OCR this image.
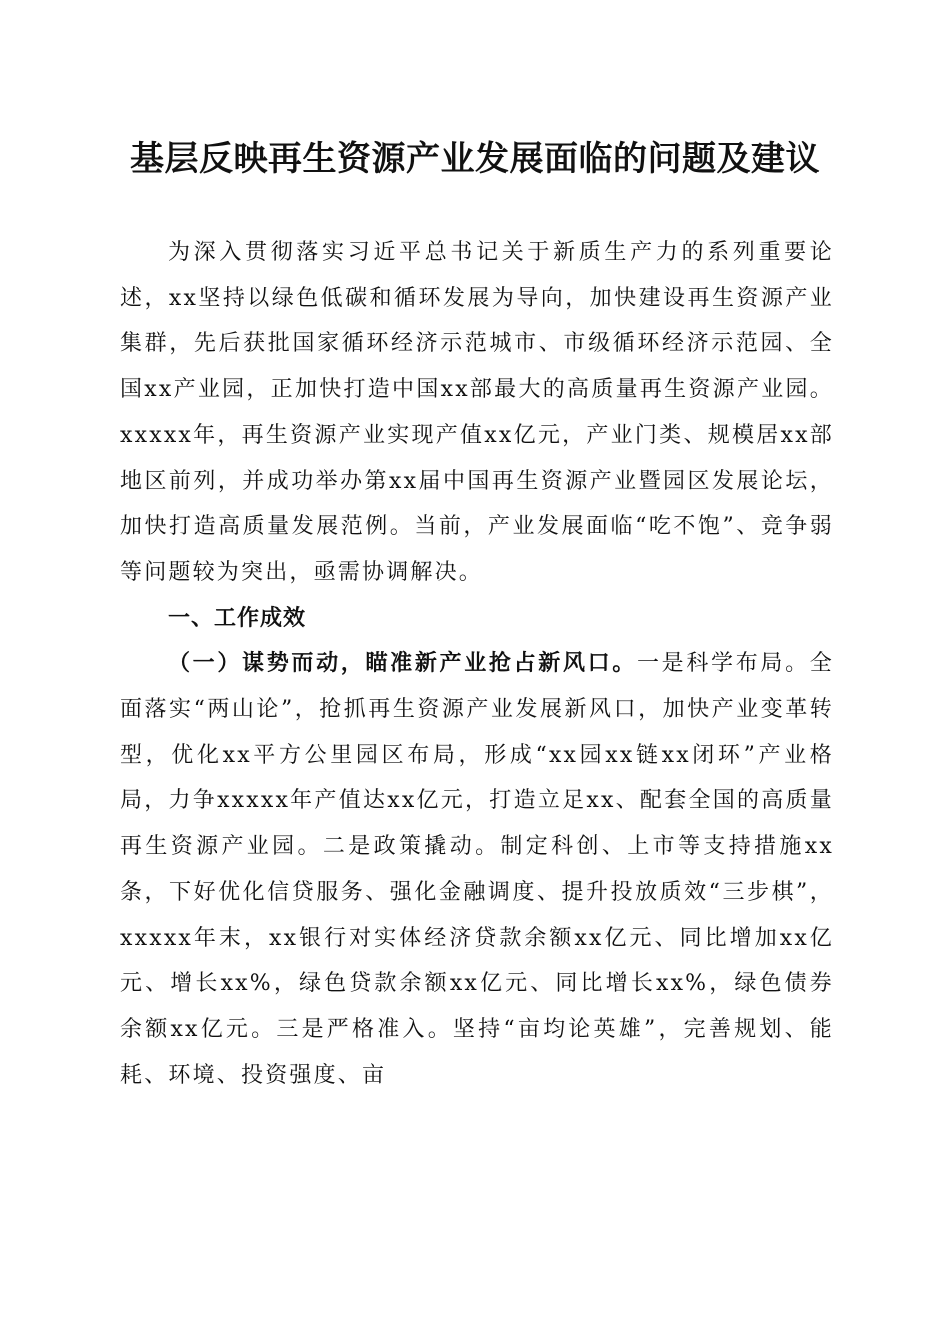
基层反映再生资源产业发展面临的问题及建议

为深入贯彻落实习近平总书记关于新质生产力的系列重要论述，xx坚持以绿色低碳和循环发展为导向，加快建设再生资源产业集群，先后获批国家循环经济示范城市、市级循环经济示范园、全国xx产业园，正加快打造中国xx部最大的高质量再生资源产业园。xxxxx年，再生资源产业实现产值xx亿元，产业门类、规模居xx部地区前列，并成功举办第xx届中国再生资源产业暨园区发展论坛，加快打造高质量发展范例。当前，产业发展面临“吃不饱”、竞争弱等问题较为突出，亟需协调解决。

一、工作成效

（一）谋势而动，瞄准新产业抢占新风口。一是科学布局。全面落实“两山论”，抢抓再生资源产业发展新风口，加快产业变革转型，优化xx平方公里园区布局，形成“xx园xx链xx闭环”产业格局，力争xxxxx年产值达xx亿元，打造立足xx、配套全国的高质量再生资源产业园。二是政策撬动。制定科创、上市等支持措施xx条，下好优化信贷服务、强化金融调度、提升投放质效“三步棋”，xxxxx年末，xx银行对实体经济贷款余额xx亿元、同比增加xx亿元、增长xx%，绿色贷款余额xx亿元、同比增长xx%，绿色债券余额xx亿元。三是严格准入。坚持“亩均论英雄”，完善规划、能耗、环境、投资强度、亩
